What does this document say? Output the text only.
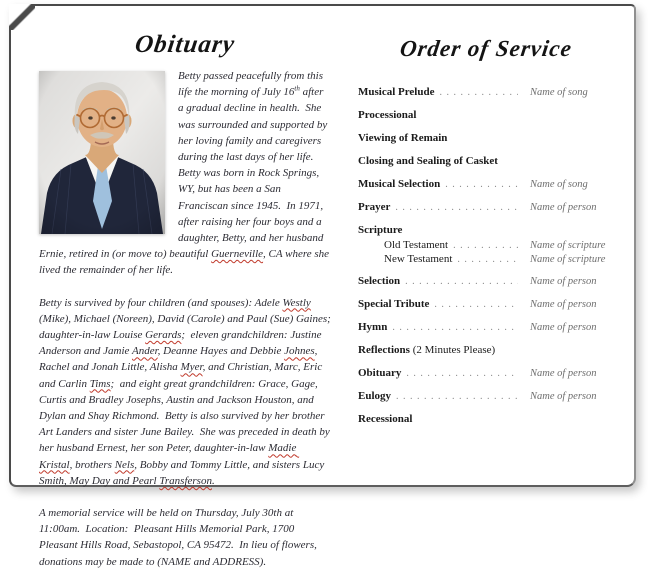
Obituary

Betty passed peacefully from this life the morning of July 16th after a gradual decline in health.  She was surrounded and supported by her loving family and caregivers during the last days of her life.  Betty was born in Rock Springs, WY, but has been a San Franciscan since 1945.  In 1971, after raising her four boys and a daughter, Betty, and her husband Ernie, retired in (or move to) beautiful Guerneville, CA where she lived the remainder of her life.

Betty is survived by four children (and spouses): Adele Westly (Mike), Michael (Noreen), David (Carole) and Paul (Sue) Gaines;  daughter-in-law Louise Gerards;  eleven grandchildren: Justine Anderson and Jamie Ander, Deanne Hayes and Debbie Johnes, Rachel and Jonah Little, Alisha Myer, and Christian, Marc, Eric and Carlin Tims;  and eight great grandchildren: Grace, Gage, Curtis and Bradley Josephs, Austin and Jackson Houston, and Dylan and Shay Richmond.  Betty is also survived by her brother Art Landers and sister June Bailey.  She was preceded in death by her husband Ernest, her son Peter, daughter-in-law Madie Kristal, brothers Nels, Bobby and Tommy Little, and sisters Lucy Smith, May Day and Pearl Transferson.

A memorial service will be held on Thursday, July 30th at 11:00am.  Location:  Pleasant Hills Memorial Park, 1700 Pleasant Hills Road, Sebastopol, CA 95472.  In lieu of flowers, donations may be made to (NAME and ADDRESS).

Order of Service
Musical Prelude . . .	Name of song
Processional
Viewing of Remain
Closing and Sealing of Casket
Musical Selection . . .	Name of song
Prayer . . .	Name of person
Scripture
Old Testament . . .	Name of scripture
New Testament . . .	Name of scripture
Selection . . .	Name of person
Special Tribute . . .	Name of person
Hymn . . .	Name of person
Reflections (2 Minutes Please)
Obituary . . .	Name of person
Eulogy . . .	Name of person
Recessional
